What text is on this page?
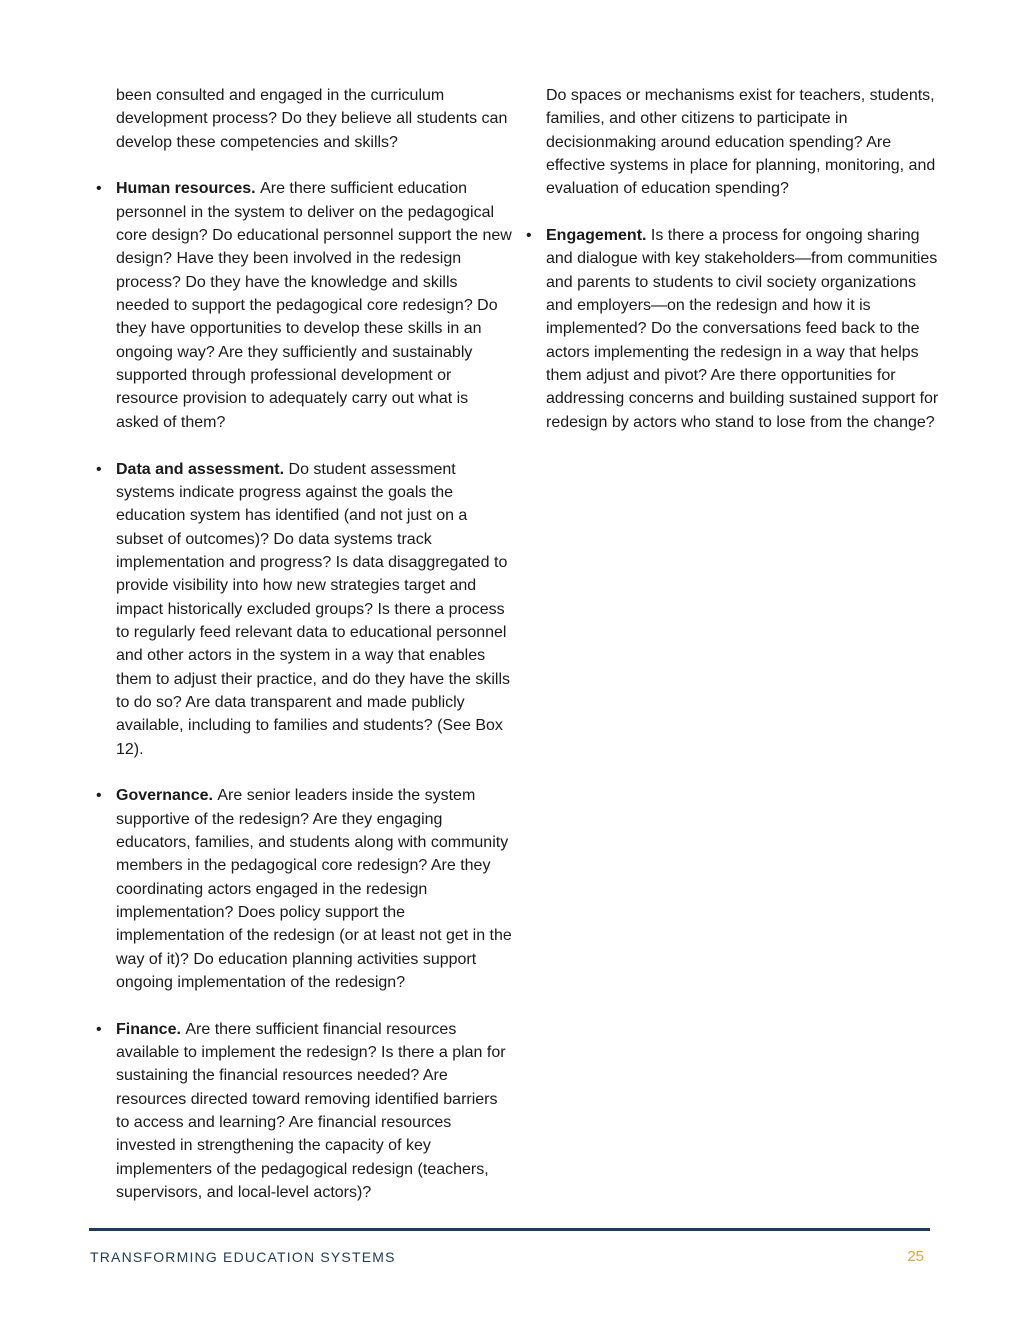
been consulted and engaged in the curriculum development process? Do they believe all students can develop these competencies and skills?

• Human resources. Are there sufficient education personnel in the system to deliver on the pedagogical core design? Do educational personnel support the new design? Have they been involved in the redesign process? Do they have the knowledge and skills needed to support the pedagogical core redesign? Do they have opportunities to develop these skills in an ongoing way? Are they sufficiently and sustainably supported through professional development or resource provision to adequately carry out what is asked of them?

• Data and assessment. Do student assessment systems indicate progress against the goals the education system has identified (and not just on a subset of outcomes)? Do data systems track implementation and progress? Is data disaggregated to provide visibility into how new strategies target and impact historically excluded groups? Is there a process to regularly feed relevant data to educational personnel and other actors in the system in a way that enables them to adjust their practice, and do they have the skills to do so? Are data transparent and made publicly available, including to families and students? (See Box 12).

• Governance. Are senior leaders inside the system supportive of the redesign? Are they engaging educators, families, and students along with community members in the pedagogical core redesign? Are they coordinating actors engaged in the redesign implementation? Does policy support the implementation of the redesign (or at least not get in the way of it)? Do education planning activities support ongoing implementation of the redesign?

• Finance. Are there sufficient financial resources available to implement the redesign? Is there a plan for sustaining the financial resources needed? Are resources directed toward removing identified barriers to access and learning? Are financial resources invested in strengthening the capacity of key implementers of the pedagogical redesign (teachers, supervisors, and local-level actors)?

Do spaces or mechanisms exist for teachers, students, families, and other citizens to participate in decisionmaking around education spending? Are effective systems in place for planning, monitoring, and evaluation of education spending?

• Engagement. Is there a process for ongoing sharing and dialogue with key stakeholders—from communities and parents to students to civil society organizations and employers—on the redesign and how it is implemented? Do the conversations feed back to the actors implementing the redesign in a way that helps them adjust and pivot? Are there opportunities for addressing concerns and building sustained support for redesign by actors who stand to lose from the change?

TRANSFORMING EDUCATION SYSTEMS	25
